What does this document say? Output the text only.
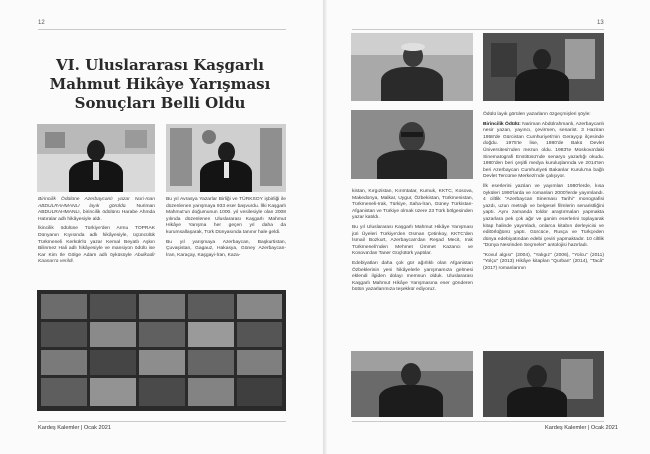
12
VI. Uluslararası Kaşgarlı
Mahmut Hikâye Yarışması
Sonuçları Belli Oldu

Birincilik Ödülüne Azerbaycanlı yazar Nuri-man ABDULRAHMANLI layık görüldü. Nuriman ABDULRAHMANLI, birincilik ödülünü Harabe Ahmda Hatıralar adlı hikâyesiyle aldı.

İkincilik ödülüne Türkiye'den Armu TOPRAK Dünyanın Kıyısında adlı hikâyesiyle, üçüncülük Türkmeneli Kerkük'lü yazar Kemal Beyatlı Aşkın Bilinmez Hali adlı hikâyesiyle ve mansiyon ödülü ise Kar Kim Ile Gölge Adam adlı öyküsüyle Abulkadir Kaanan'a verildi.

Bu yıl Avrasya Yazarlar Birliği ve TÜRKSOY işbirliği ile düzenlenen yarışmaya 933 eser başvurdu. İlki Kaşgarlı Mahmut'un doğumunun 1000. yıl vesilesiyle olan 2008 yılında düzenlenen Uluslararası Kaşgarlı Mahmut Hikâye Yarışma her geçen yıl daha da kurumsallaşarak, Türk Dünyasında tanınır hale geldi.

Bu yıl yarışmaya Azerbaycan, Başkurtistan, Çuvaşistan, Gagauz, Hakasya, Güney Azerbaycan-İran, Karaçay, Kaşgayi-İran, Kaza-

Kardeş Kalemler | Ocak 2021
13

kistan, Kırgızistan, Kırımtatar, Kumuk, KKTC, Kosova, Makedonya, Malkar, Uygur, Özbekistan, Türkmenistan, Türkmeneli-Irak, Türkiye, Saha-İran, Güney Türkistan-Afganistan ve Türkiye olmak üzere 23 Türk bölgesinden yazar katıldı.

Bu yıl Uluslararası Kaşgarlı Mahmut Hikâye Yarışması jüri Üyeleri Türkiye'den Osman Çetinkoy, KKTC'den İsmail Bozkurt, Azerbaycan'dan Reşad Mecit, Irak Türkmeneli'nden Mehmet Ümmet Kazancı ve Kosova'dan Taner Güçlütürk yaptılar.

Edebiyatları daha çok gür ağırlıklı olan Afganistan Özbeklerinin yeni hikâyelerle yarışmamıza gelmesi eklendi ilgiden dolayı memnun olduk. Uluslararası Kaşgarlı Mahmut Hikâye Yarışmasına eser gönderen bütün yazarlarımıza teşekkür ediyoruz.

Ödülü layık görülen yazarların özgeçmişleri şöyle:

Birincilik Ödülü: Nariman Abdülrahmanlı, Azerbaycanlı nesir yazarı, yayıncı, çevirmen, senarist. 3 Haziran 1958'de Gürcistan Cumhuriyeti'nin Gerayçıp ilçesinde doğdu. 1975'te lise, 1980'de Bakü Devlet Üniversitesi'nden mezun oldu. 1983'te Moskova'daki Sinematografi Enstitüsü'nde senaryo yazarlığı okudu. 1980'den beri çeşitli medya kuruluşlarında ve 2014'ten beri Azerbaycan Cumhuriyeti Bakanlar Kurulu'na bağlı Devlet Tercüme Merkezi'nde çalışıyor.

İlk eserlerini yazılan ve yayımları 1980'lerde, kısa öyküleri 1990'larda ve romanları 2000'lerde yayımlandı. 4 ciltlik "Azerbaycan Sineması Tarihi" monografisi yazdı, uzun metrajlı ve belgesel filmlerin senaristliğini yaptı. Aynı zamanda toldor araştırmaları yapmakta yazarlara pek çok ağır ve ganim eserlerini toplayarak kitap halinde yayımladı, onlarca kitabın derleyicisi ve editörlüğünü yaptı. Gürcüce, Rusça ve Türkçeden dünya edebiyatından edebi çeviri yapmaktadır. 10 ciltlik "Dünya Nesrinden Seçmeler" antolojisi hazırladı.

"Kovul algısı" (2004), "Yalıgız" (2006), "Yolcu" (2011) "Yolçu" (2013) Hikâye kitapları "Qurban" (2014), "Tacâ" (2017) romanlarının

Kardeş Kalemler | Ocak 2021
